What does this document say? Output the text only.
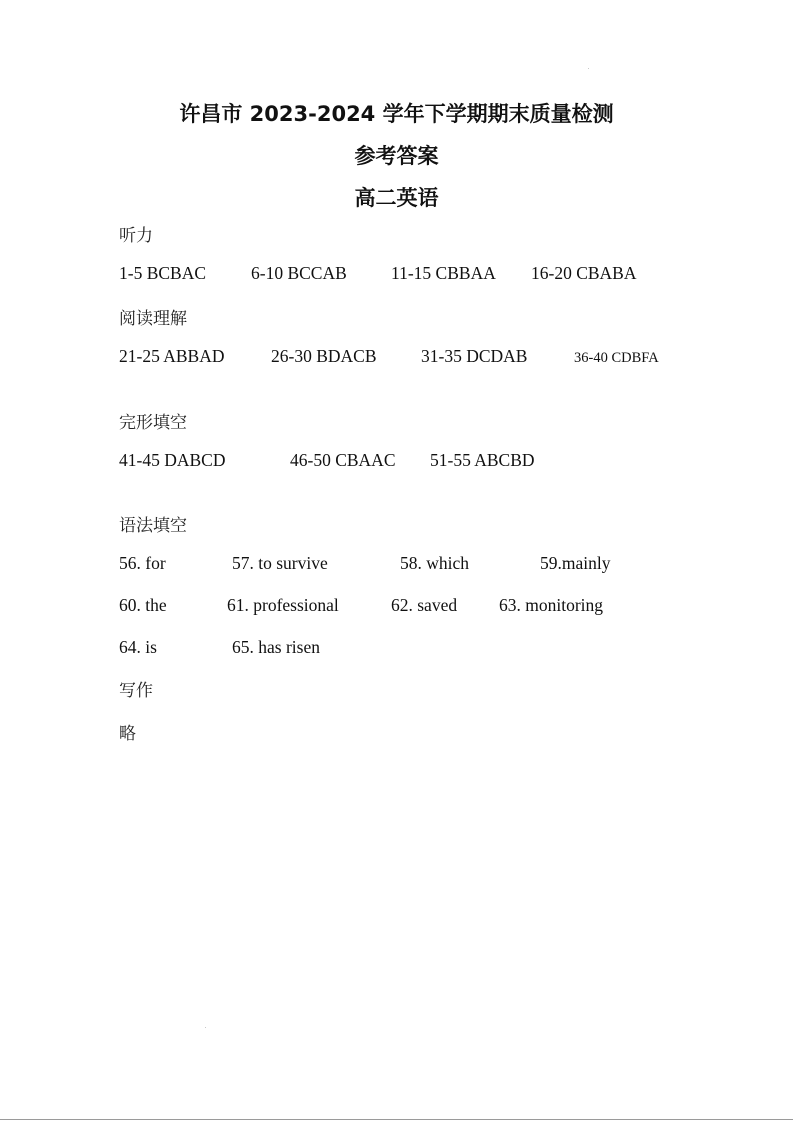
许昌市 2023-2024 学年下学期期末质量检测
参考答案
高二英语
听力
1-5 BCBAC	6-10 BCCAB	11-15 CBBAA 16-20 CBABA
阅读理解
21-25 ABBAD	26-30 BDACB	31-35 DCDAB	36-40 CDBFA
完形填空
41-45 DABCD	46-50 CBAAC 51-55 ABCBD
语法填空
56. for	57. to survive	58. which	59.mainly
60. the	61. professional	62. saved 63. monitoring
64. is	65. has risen
写作
略
